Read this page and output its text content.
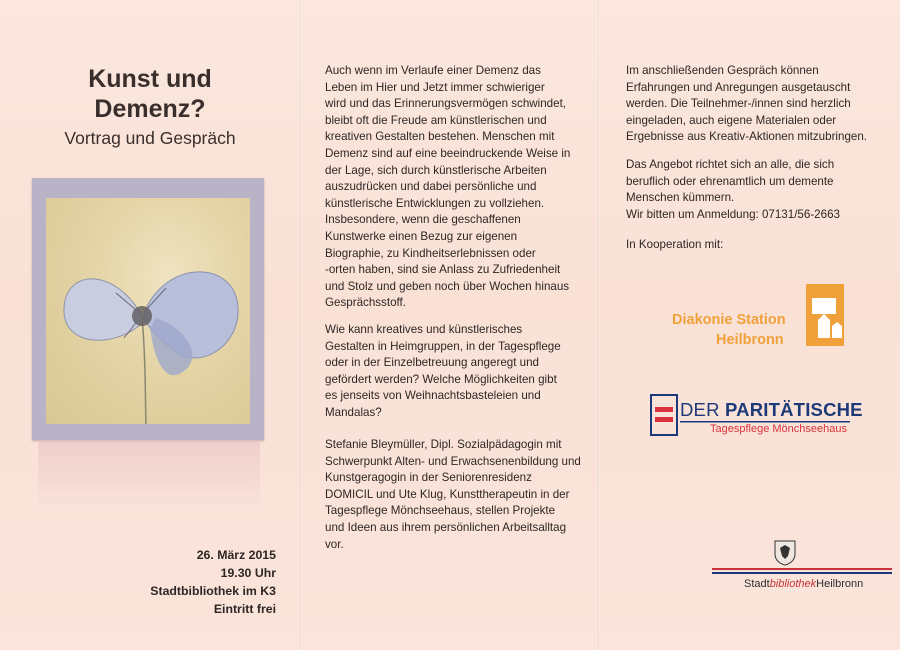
Kunst und
Demenz?
Vortrag und Gespräch
26. März 2015
19.30 Uhr
Stadtbibliothek im K3
Eintritt frei
Auch wenn im Verlaufe einer Demenz das
Leben im Hier und Jetzt immer schwieriger
wird und das Erinnerungsvermögen schwindet,
bleibt oft die Freude am künstlerischen und
kreativen Gestalten bestehen. Menschen mit
Demenz sind auf eine beeindruckende Weise in
der Lage, sich durch künstlerische Arbeiten
auszudrücken und dabei persönliche und
künstlerische Entwicklungen zu vollziehen.
Insbesondere, wenn die geschaffenen
Kunstwerke einen Bezug zur eigenen
Biographie, zu Kindheitserlebnissen oder
-orten haben, sind sie Anlass zu Zufriedenheit
und Stolz und geben noch über Wochen hinaus
Gesprächsstoff.
Wie kann kreatives und künstlerisches
Gestalten in Heimgruppen, in der Tagespflege
oder in der Einzelbetreuung angeregt und
gefördert werden? Welche Möglichkeiten gibt
es jenseits von Weihnachtsbasteleien und
Mandalas?
Stefanie Bleymüller, Dipl. Sozialpädagogin mit
Schwerpunkt Alten- und Erwachsenenbildung und
Kunstgeragogin in der Seniorenresidenz
DOMICIL und Ute Klug, Kunsttherapeutin in der
Tagespflege Mönchseehaus, stellen Projekte
und Ideen aus ihrem persönlichen Arbeitsalltag
vor.
Im anschließenden Gespräch können
Erfahrungen und Anregungen ausgetauscht
werden. Die Teilnehmer-/innen sind herzlich
eingeladen, auch eigene Materialen oder
Ergebnisse aus Kreativ-Aktionen mitzubringen.
Das Angebot richtet sich an alle, die sich
beruflich oder ehrenamtlich um demente
Menschen kümmern.
Wir bitten um Anmeldung: 07131/56-2663
In Kooperation mit:
Diakonie Station
Heilbronn
DER PARITÄTISCHE
Tagespflege Mönchseehaus
StadtbibliothekHeilbronn
